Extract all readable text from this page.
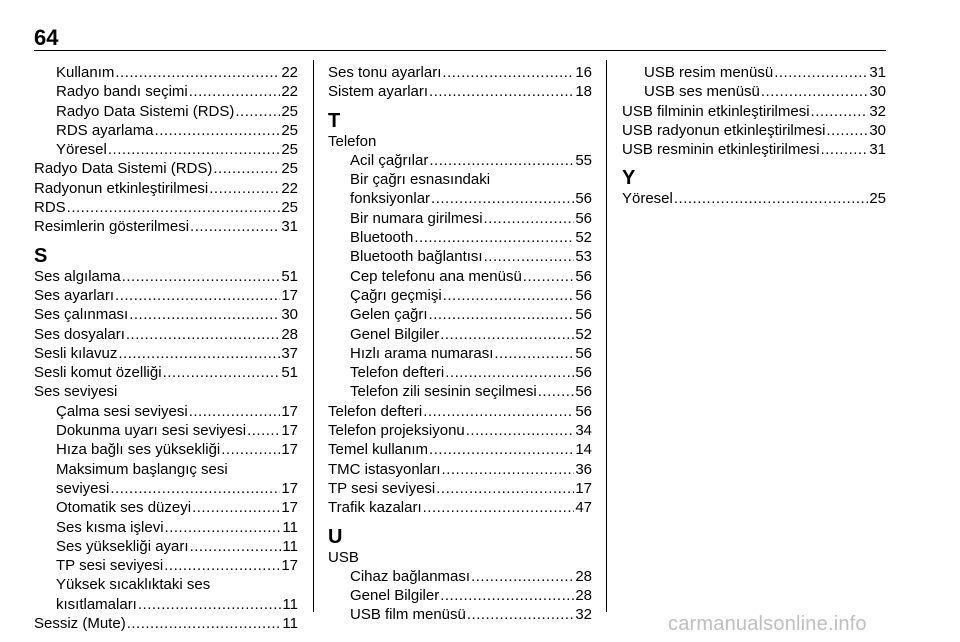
64
Kullanım .....	22
Radyo bandı seçimi .....	22
Radyo Data Sistemi (RDS) .....	25
RDS ayarlama .....	25
Yöresel .....	25
Radyo Data Sistemi (RDS) .....	25
Radyonun etkinleştirilmesi .....	22
RDS .....	25
Resimlerin gösterilmesi .....	31
S
Ses algılama .....	51
Ses ayarları .....	17
Ses çalınması .....	30
Ses dosyaları .....	28
Sesli kılavuz .....	37
Sesli komut özelliği .....	51
Ses seviyesi
Çalma sesi seviyesi .....	17
Dokunma uyarı sesi seviyesi ..... 17
Hıza bağlı ses yüksekliği .....	17
Maksimum başlangıç sesi
seviyesi .....	17
Otomatik ses düzeyi .....	17
Ses kısma işlevi .....	11
Ses yüksekliği ayarı .....	11
TP sesi seviyesi .....	17
Yüksek sıcaklıktaki ses
kısıtlamaları .....	11
Sessiz (Mute) .....	11
Ses tonu ayarları .....	16
Sistem ayarları .....	18
T
Telefon
Acil çağrılar .....	55
Bir çağrı esnasındaki
fonksiyonlar .....	56
Bir numara girilmesi .....	56
Bluetooth .....	52
Bluetooth bağlantısı .....	53
Cep telefonu ana menüsü .....	56
Çağrı geçmişi .....	56
Gelen çağrı .....	56
Genel Bilgiler .....	52
Hızlı arama numarası .....	56
Telefon defteri .....	56
Telefon zili sesinin seçilmesi .....	56
Telefon defteri .....	56
Telefon projeksiyonu .....	34
Temel kullanım .....	14
TMC istasyonları .....	36
TP sesi seviyesi .....	17
Trafik kazaları .....	47
U
USB
Cihaz bağlanması .....	28
Genel Bilgiler .....	28
USB film menüsü .....	32
USB resim menüsü .....	31
USB ses menüsü .....	30
USB filminin etkinleştirilmesi .....	32
USB radyonun etkinleştirilmesi .....	30
USB resminin etkinleştirilmesi .....	31
Y
Yöresel .....	25
carmanualsonline.info
